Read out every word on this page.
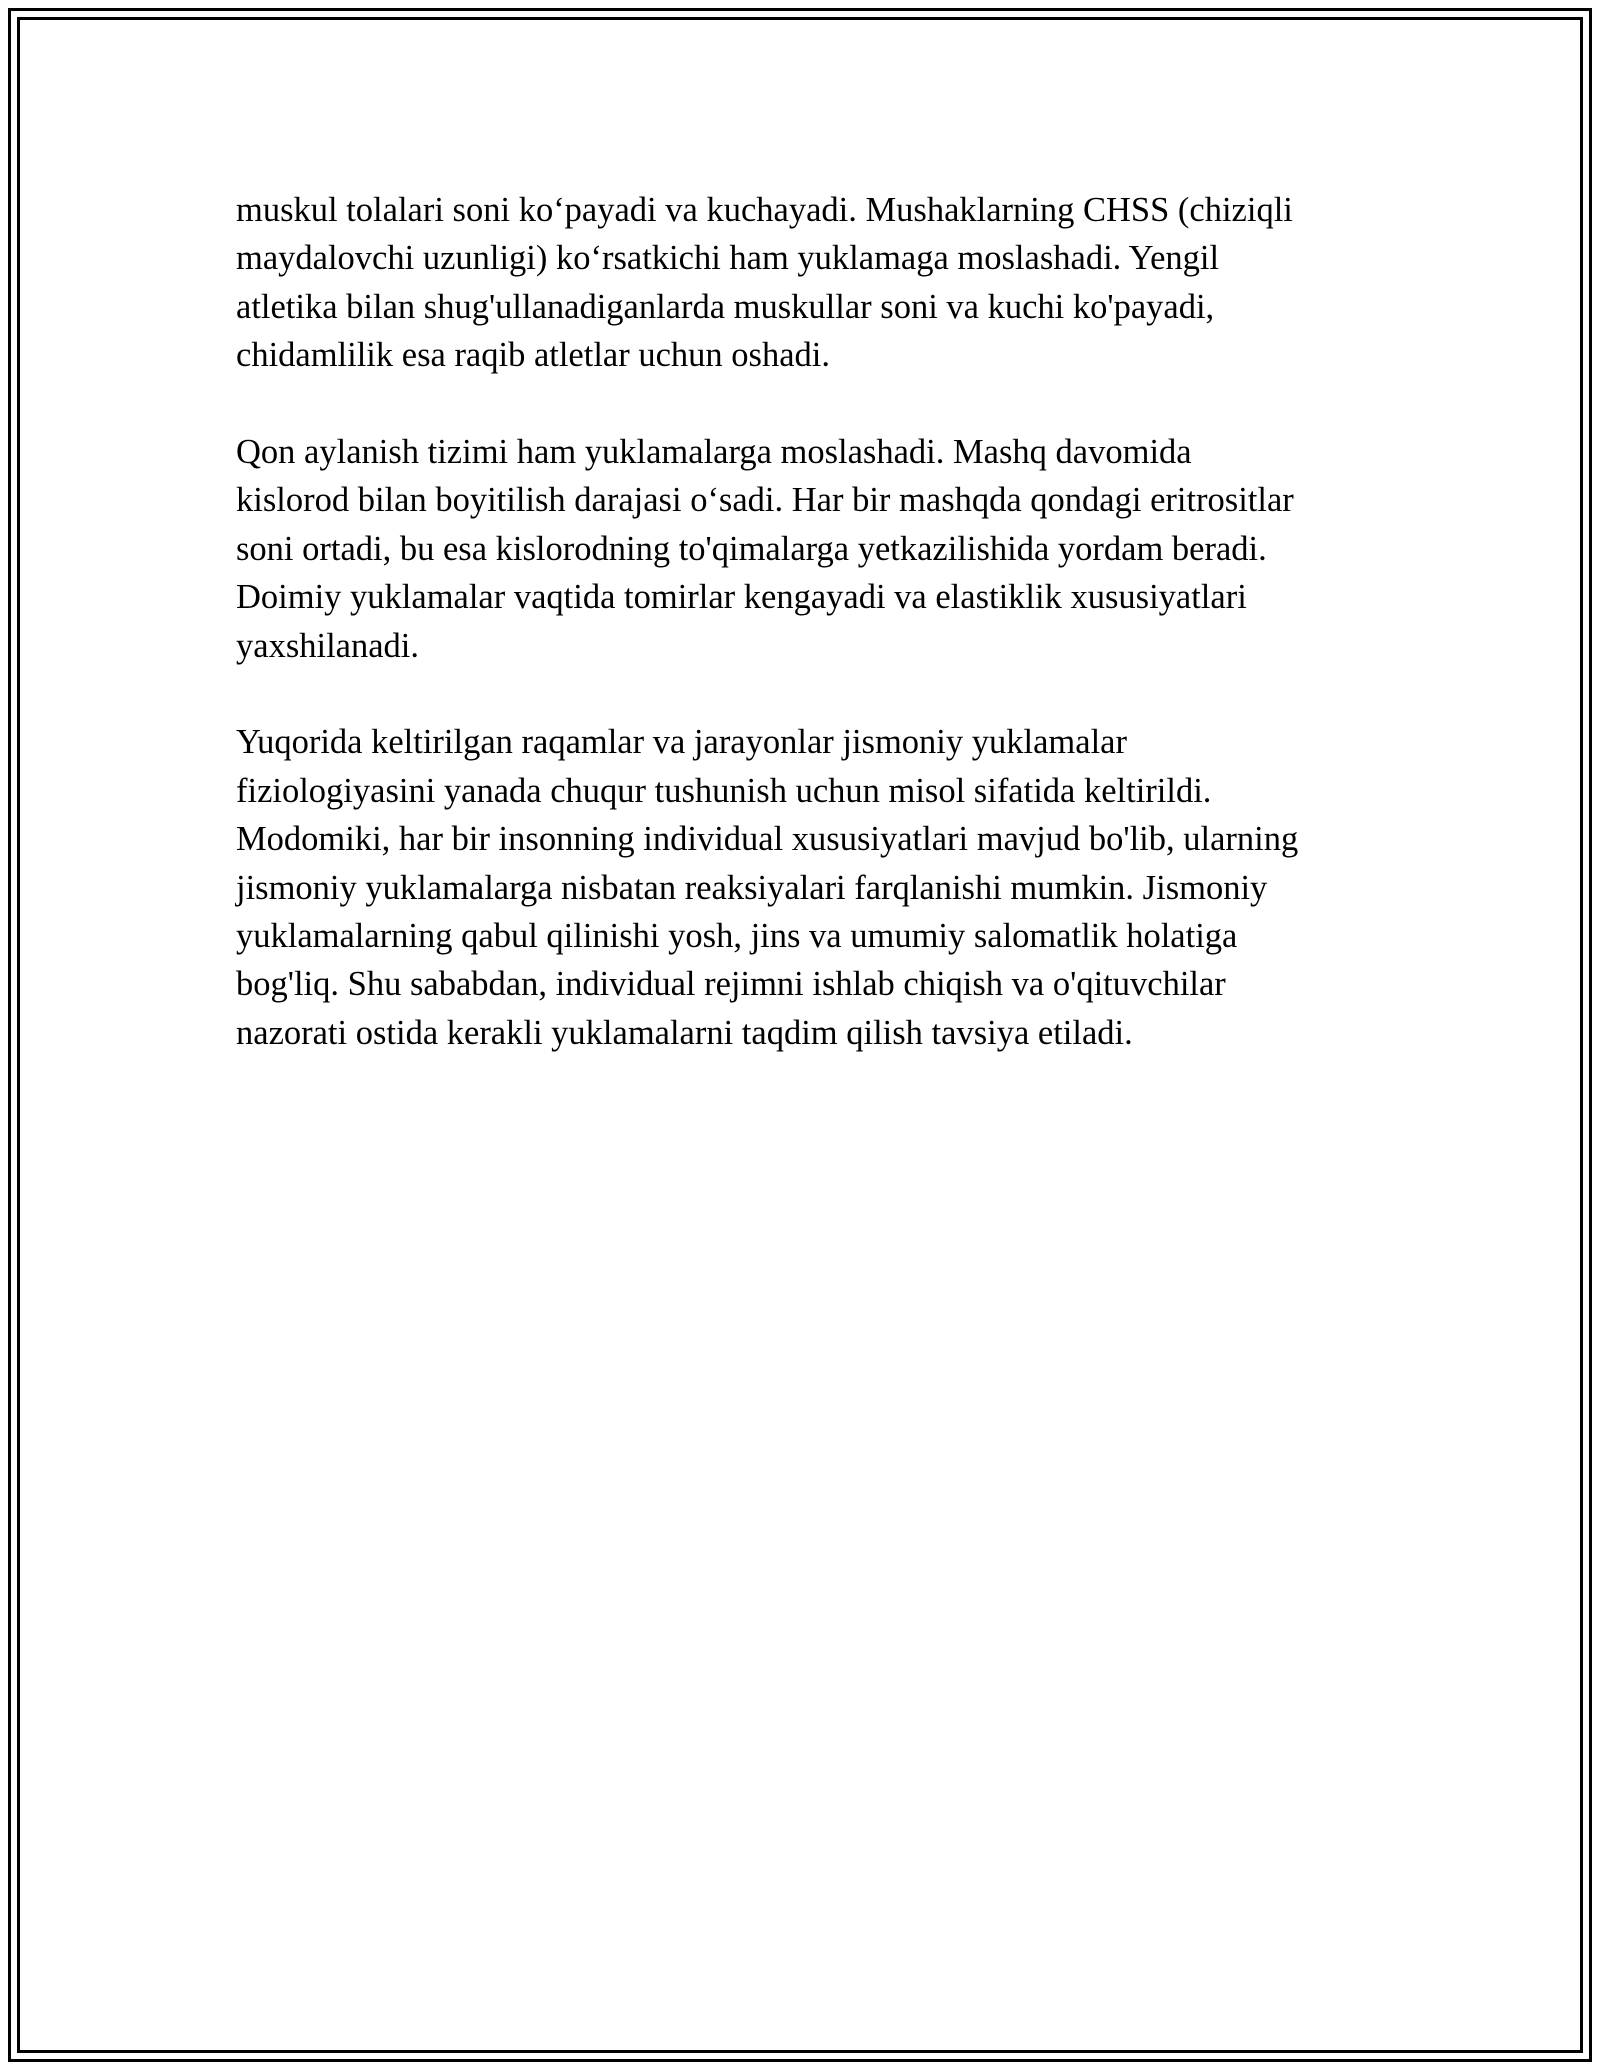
muskul tolalari soni ko‘payadi va kuchayadi. Mushaklarning CHSS (chiziqli
maydalovchi uzunligi) ko‘rsatkichi ham yuklamaga moslashadi. Yengil
atletika bilan shug'ullanadiganlarda muskullar soni va kuchi ko'payadi,
chidamlilik esa raqib atletlar uchun oshadi.

Qon aylanish tizimi ham yuklamalarga moslashadi. Mashq davomida
kislorod bilan boyitilish darajasi o‘sadi. Har bir mashqda qondagi eritrositlar
soni ortadi, bu esa kislorodning to'qimalarga yetkazilishida yordam beradi.
Doimiy yuklamalar vaqtida tomirlar kengayadi va elastiklik xususiyatlari
yaxshilanadi.

Yuqorida keltirilgan raqamlar va jarayonlar jismoniy yuklamalar
fiziologiyasini yanada chuqur tushunish uchun misol sifatida keltirildi.
Modomiki, har bir insonning individual xususiyatlari mavjud bo'lib, ularning
jismoniy yuklamalarga nisbatan reaksiyalari farqlanishi mumkin. Jismoniy
yuklamalarning qabul qilinishi yosh, jins va umumiy salomatlik holatiga
bog'liq. Shu sababdan, individual rejimni ishlab chiqish va o'qituvchilar
nazorati ostida kerakli yuklamalarni taqdim qilish tavsiya etiladi.
